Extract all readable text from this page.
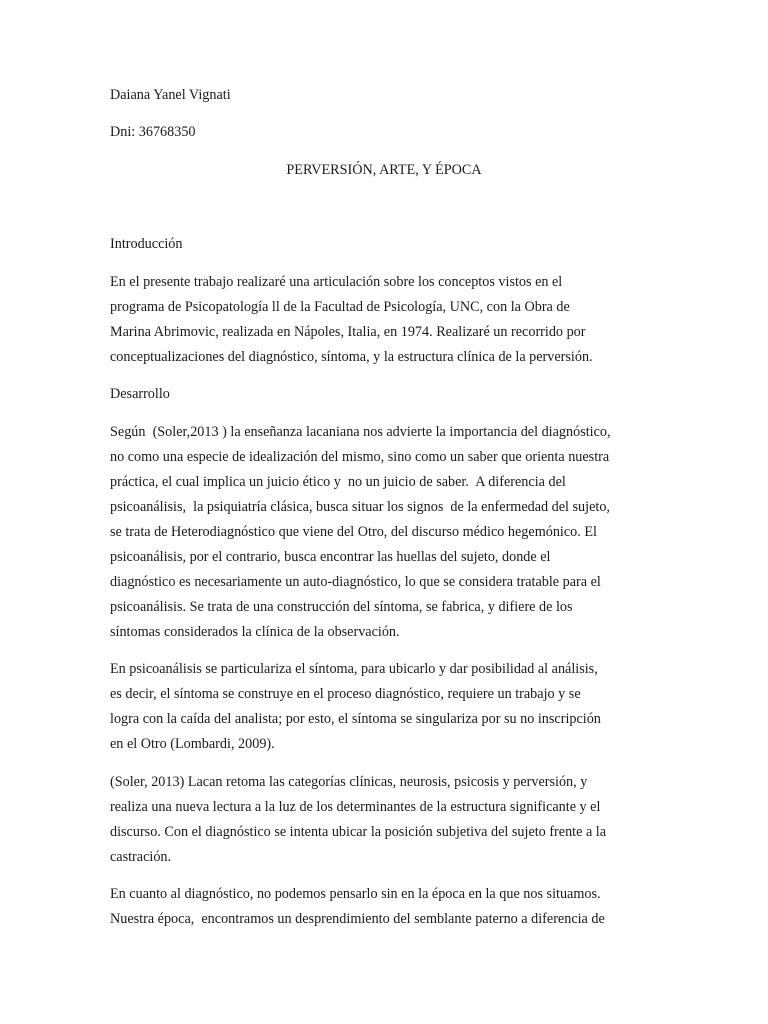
Daiana Yanel Vignati
Dni: 36768350
PERVERSIÓN, ARTE, Y ÉPOCA
Introducción
En el presente trabajo realizaré una articulación sobre los conceptos vistos en el
programa de Psicopatología ll de la Facultad de Psicología, UNC, con la Obra de
Marina Abrimovic, realizada en Nápoles, Italia, en 1974. Realizaré un recorrido por
conceptualizaciones del diagnóstico, síntoma, y la estructura clínica de la perversión.
Desarrollo
Según  (Soler,2013 ) la enseñanza lacaniana nos advierte la importancia del diagnóstico,
no como una especie de idealización del mismo, sino como un saber que orienta nuestra
práctica, el cual implica un juicio ético y  no un juicio de saber.  A diferencia del
psicoanálisis,  la psiquiatría clásica, busca situar los signos  de la enfermedad del sujeto,
se trata de Heterodiagnóstico que viene del Otro, del discurso médico hegemónico. El
psicoanálisis, por el contrario, busca encontrar las huellas del sujeto, donde el
diagnóstico es necesariamente un auto-diagnóstico, lo que se considera tratable para el
psicoanálisis. Se trata de una construcción del síntoma, se fabrica, y difiere de los
síntomas considerados la clínica de la observación.
En psicoanálisis se particulariza el síntoma, para ubicarlo y dar posibilidad al análisis,
es decir, el síntoma se construye en el proceso diagnóstico, requiere un trabajo y se
logra con la caída del analista; por esto, el síntoma se singulariza por su no inscripción
en el Otro (Lombardi, 2009).
(Soler, 2013) Lacan retoma las categorías clínicas, neurosis, psicosis y perversión, y
realiza una nueva lectura a la luz de los determinantes de la estructura significante y el
discurso. Con el diagnóstico se intenta ubicar la posición subjetiva del sujeto frente a la
castración.
En cuanto al diagnóstico, no podemos pensarlo sin en la época en la que nos situamos.
Nuestra época,  encontramos un desprendimiento del semblante paterno a diferencia de
